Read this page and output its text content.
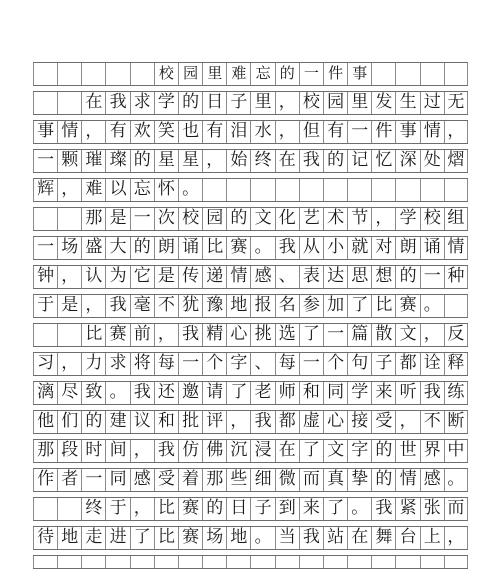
校 园 里 难 忘 的 一 件 事
在 我 求 学 的 日 子 里 ， 校 园 里 发 生 过 无
事 情 ， 有 欢 笑 也 有 泪 水 ， 但 有 一 件 事 情 ，
一 颗 璀 璨 的 星 星 ， 始 终 在 我 的 记 忆 深 处 熠
辉 ， 难 以 忘 怀 。
那 是 一 次 校 园 的 文 化 艺 术 节 ， 学 校 组
一 场 盛 大 的 朗 诵 比 赛 。 我 从 小 就 对 朗 诵 情
钟 ， 认 为 它 是 传 递 情 感 、 表 达 思 想 的 一 种
于 是 ， 我 毫 不 犹 豫 地 报 名 参 加 了 比 赛 。
比 赛 前 ， 我 精 心 挑 选 了 一 篇 散 文 ， 反
习 ， 力 求 将 每 一 个 字 、 每 一 个 句 子 都 诠 释
漓 尽 致 。 我 还 邀 请 了 老 师 和 同 学 来 听 我 练
他 们 的 建 议 和 批 评 ， 我 都 虚 心 接 受 ， 不 断
那 段 时 间 ， 我 仿 佛 沉 浸 在 了 文 字 的 世 界 中
作 者 一 同 感 受 着 那 些 细 微 而 真 挚 的 情 感 。
终 于 ， 比 赛 的 日 子 到 来 了 。 我 紧 张 而
待 地 走 进 了 比 赛 场 地 。 当 我 站 在 舞 台 上 ，
